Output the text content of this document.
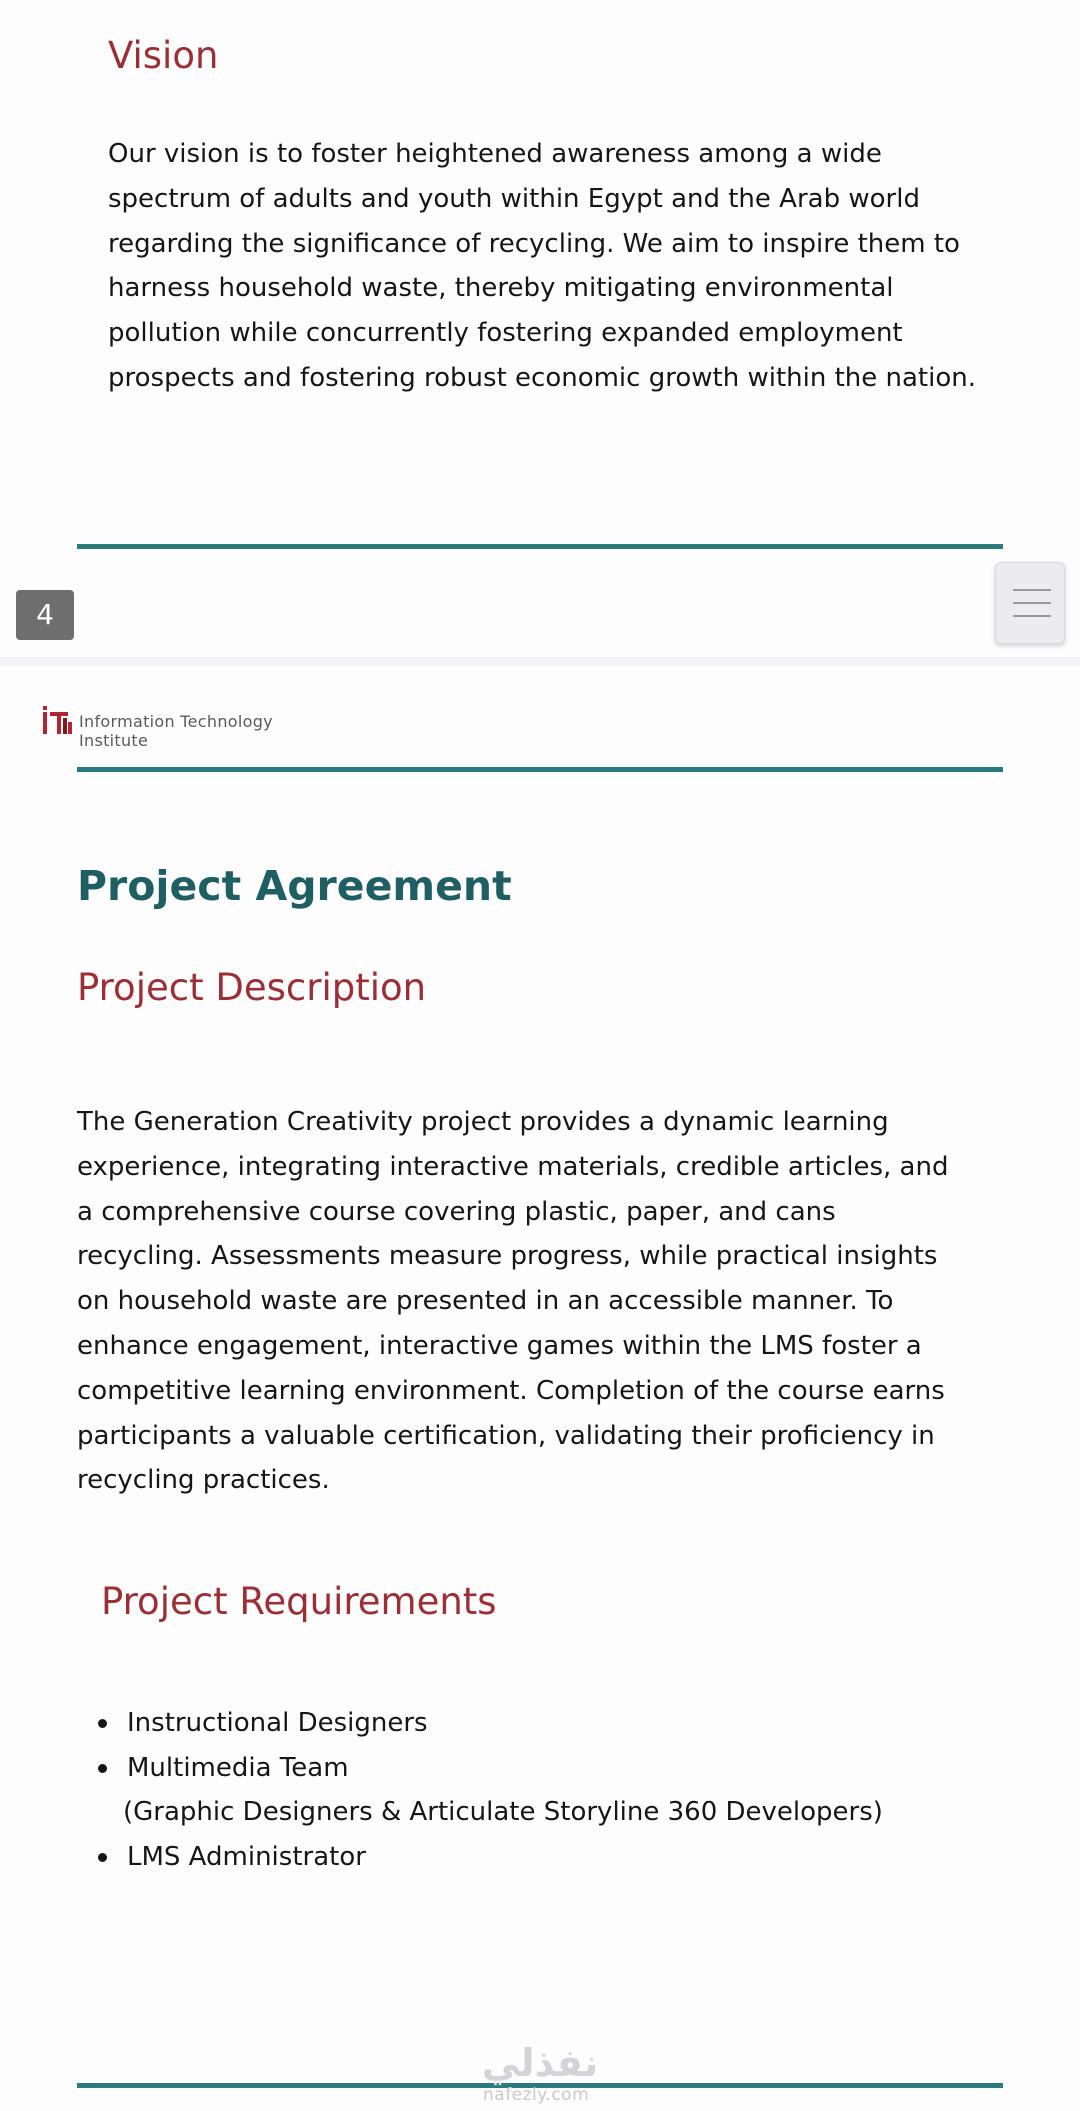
Vision
Our vision is to foster heightened awareness among a wide
spectrum of adults and youth within Egypt and the Arab world
regarding the significance of recycling. We aim to inspire them to
harness household waste, thereby mitigating environmental
pollution while concurrently fostering expanded employment
prospects and fostering robust economic growth within the nation.
4
Information Technology
Institute
Project Agreement
Project Description
The Generation Creativity project provides a dynamic learning
experience, integrating interactive materials, credible articles, and
a comprehensive course covering plastic, paper, and cans
recycling. Assessments measure progress, while practical insights
on household waste are presented in an accessible manner. To
enhance engagement, interactive games within the LMS foster a
competitive learning environment. Completion of the course earns
participants a valuable certification, validating their proficiency in
recycling practices.
Project Requirements
Instructional Designers
Multimedia Team
(Graphic Designers & Articulate Storyline 360 Developers)
LMS Administrator
نفذلي
nafezly.com
